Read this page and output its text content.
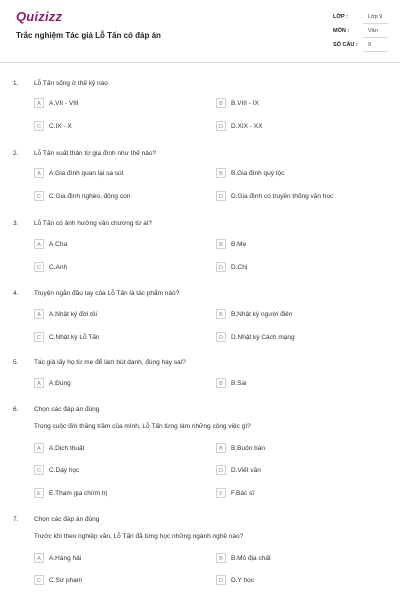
Quizizz
Trắc nghiệm Tác giả Lỗ Tấn có đáp án
LỚP :	Lớp 9
MÔN :	Văn
SỐ CÂU : 9
1. Lỗ Tấn sống ở thế kỷ nào
A	A.VII - VIII	B	B.VIII - IX
C	C.IX - X	D	D.XIX - XX
2. Lỗ Tấn xuất thân từ gia đình như thế nào?
A	A.Gia đình quan lại sa sút	B	B.Gia đình quý tộc
C	C.Gia đình nghèo, đông con	D	D.Gia đình có truyền thống văn học
3. Lỗ Tấn có ảnh hưởng văn chương từ ai?
A	A.Cha	B	B.Mẹ
C	C.Anh	D	D.Chị
4. Truyện ngắn đầu tay của Lỗ Tấn là tác phẩm nào?
A	A.Nhật ký đời tôi	B	B.Nhật ký người điên
C	C.Nhật ký Lỗ Tấn	D	D.Nhật ký Cách mạng
5. Tác giả lấy họ từ mẹ để làm bút danh, đúng hay sai?
A	A.Đúng	B	B.Sai
6. Chọn các đáp án đúng
Trong cuộc đời thăng trầm của mình, Lỗ Tấn từng làm những công việc gì?
A	A.Dịch thuật	B	B.Buôn bán
C	C.Dạy học	D	D.Viết văn
E	E.Tham gia chính trị	F	F.Bác sĩ
7. Chọn các đáp án đúng
Trước khi theo nghiệp văn, Lỗ Tấn đã từng học những ngành nghề nào?
A	A.Hàng hải	B	B.Mỏ địa chất
C	C.Sư phạm	D	D.Y học
